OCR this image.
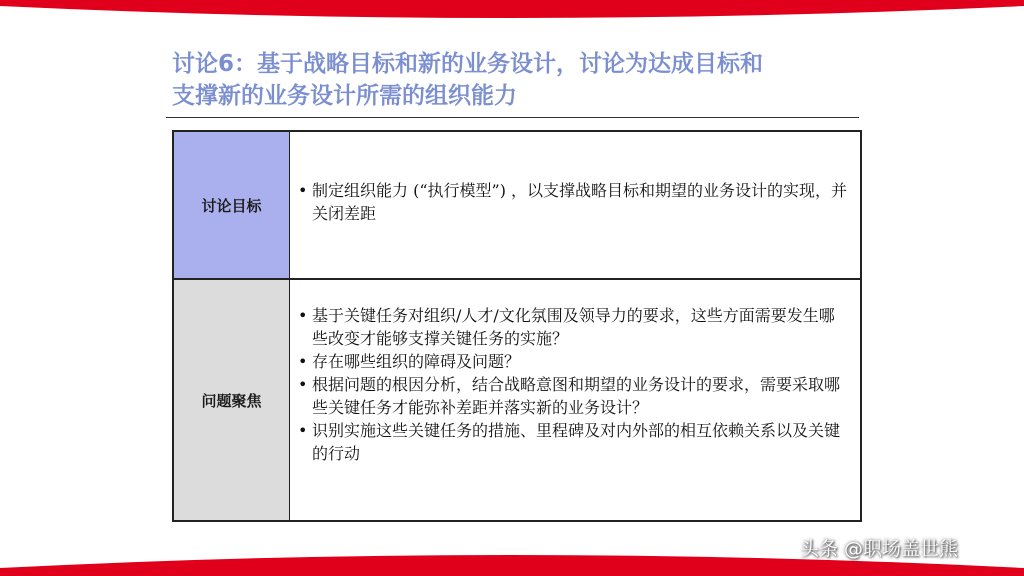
讨论6：基于战略目标和新的业务设计，讨论为达成目标和
支撑新的业务设计所需的组织能力
讨论目标
• 制定组织能力 (“执行模型”) ，以支撑战略目标和期望的业务设计的实现，并关闭差距
问题聚焦
• 基于关键任务对组织/人才/文化氛围及领导力的要求，这些方面需要发生哪些改变才能够支撑关键任务的实施？
• 存在哪些组织的障碍及问题？
• 根据问题的根因分析，结合战略意图和期望的业务设计的要求，需要采取哪些关键任务才能弥补差距并落实新的业务设计？
• 识别实施这些关键任务的措施、里程碑及对内外部的相互依赖关系以及关键的行动
头条 @职场盖世熊
